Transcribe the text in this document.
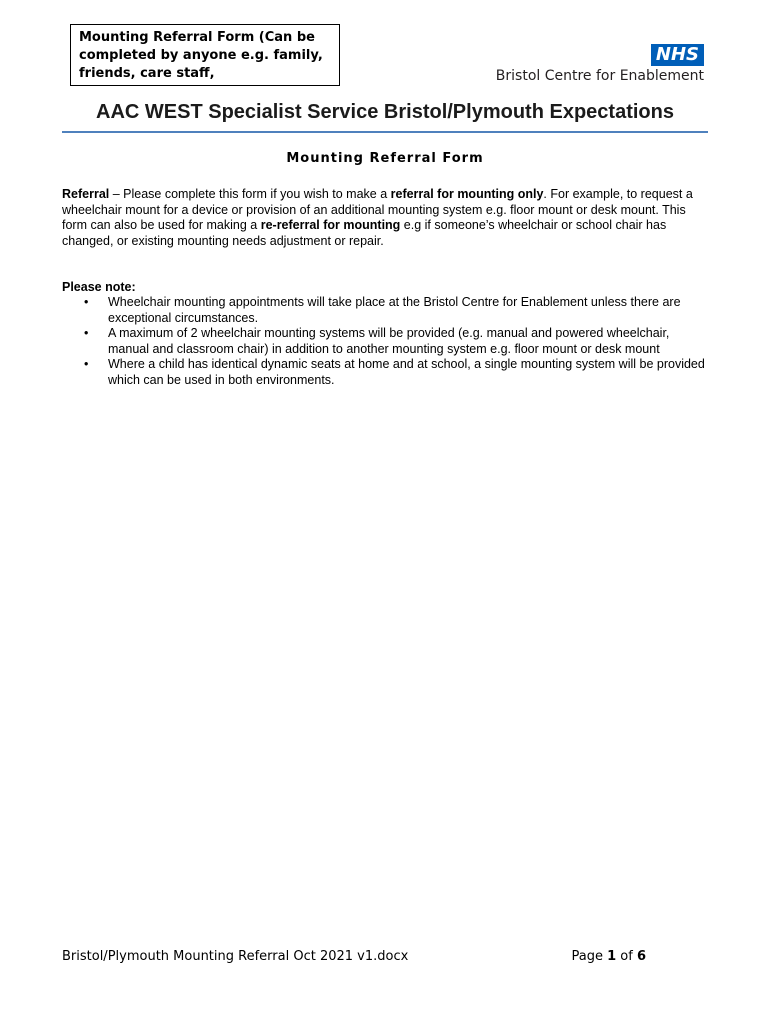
Mounting Referral Form (Can be completed by anyone e.g. family, friends, care staff,
NHS
Bristol Centre for Enablement
AAC WEST Specialist Service Bristol/Plymouth Expectations
Mounting Referral Form
Referral – Please complete this form if you wish to make a referral for mounting only. For example, to request a wheelchair mount for a device or provision of an additional mounting system e.g. floor mount or desk mount. This form can also be used for making a re-referral for mounting e.g if someone’s wheelchair or school chair has changed, or existing mounting needs adjustment or repair.
Please note:
• Wheelchair mounting appointments will take place at the Bristol Centre for Enablement unless there are exceptional circumstances.
• A maximum of 2 wheelchair mounting systems will be provided (e.g. manual and powered wheelchair, manual and classroom chair) in addition to another mounting system e.g. floor mount or desk mount
• Where a child has identical dynamic seats at home and at school, a single mounting system will be provided which can be used in both environments.
Bristol/Plymouth Mounting Referral Oct 2021 v1.docx	Page 1 of 6
